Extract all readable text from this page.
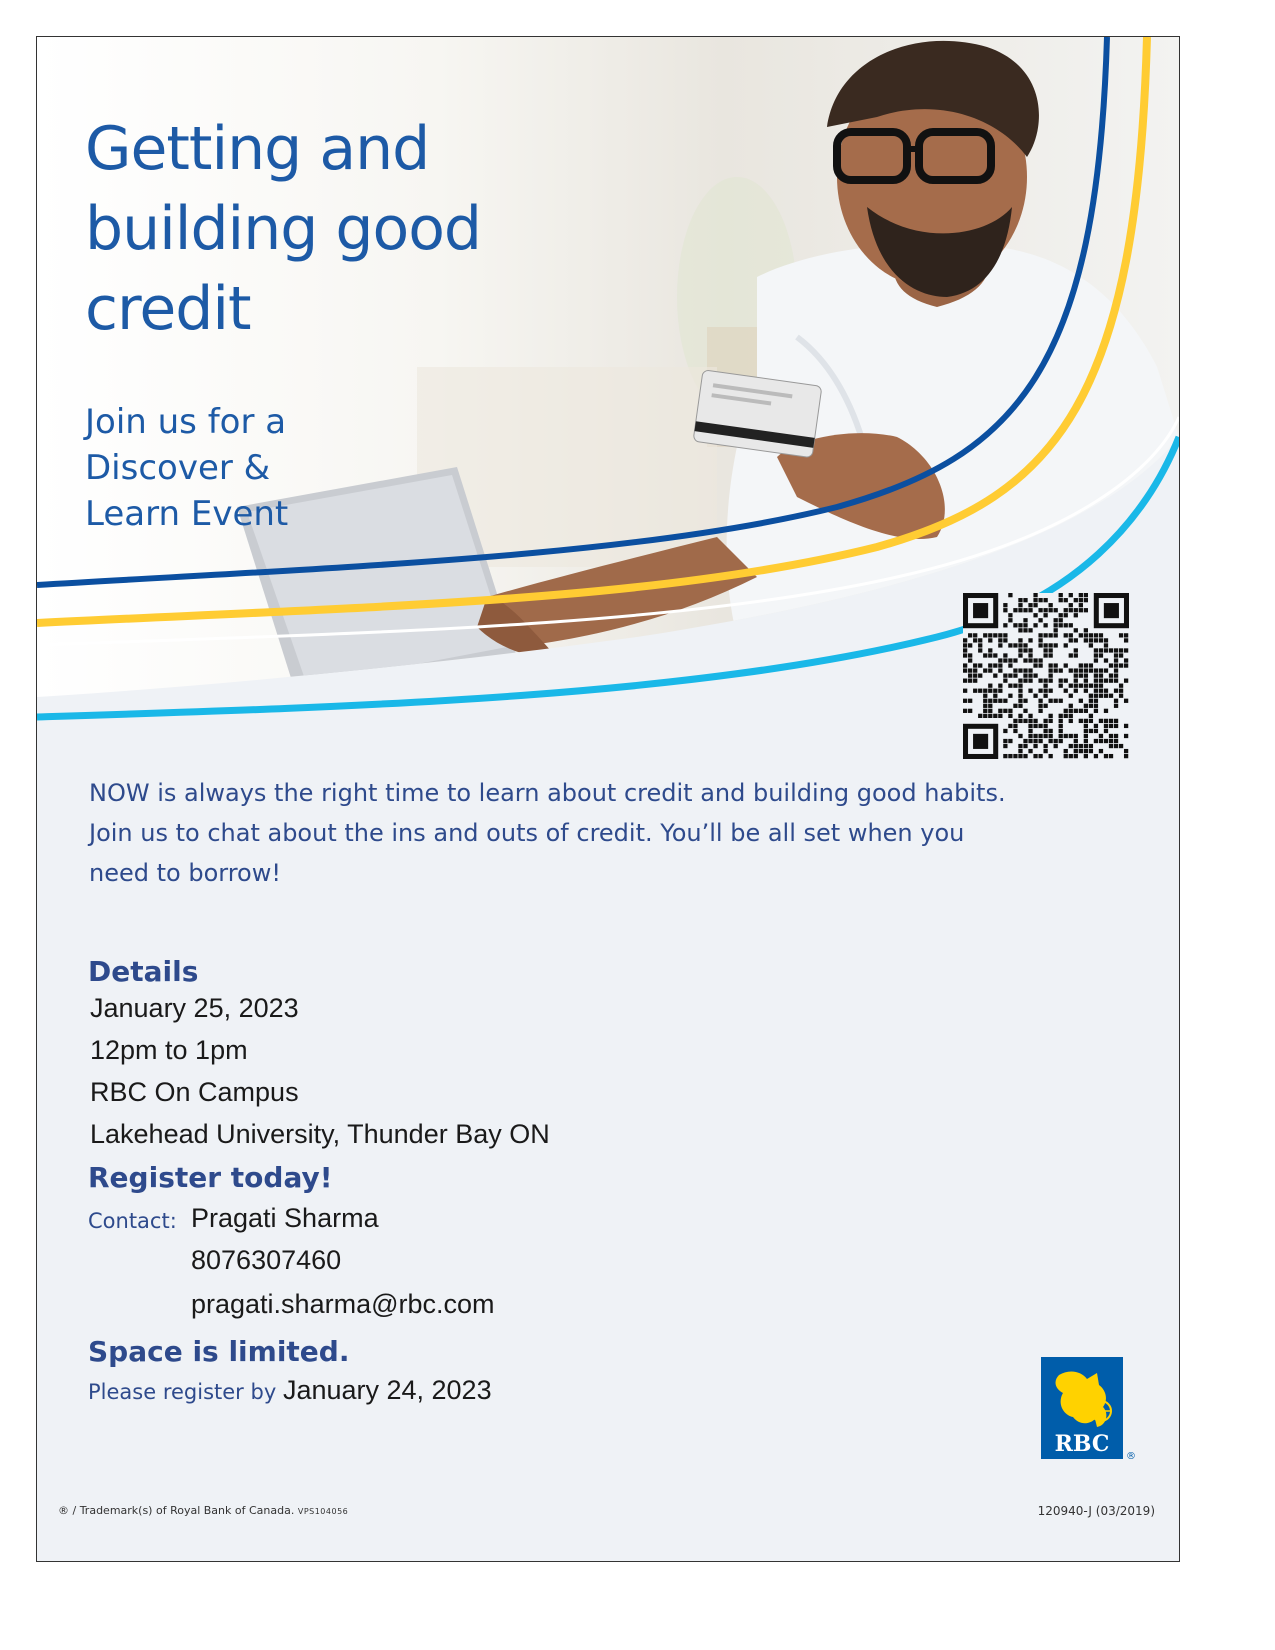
Getting and
building good
credit
Join us for a
Discover &
Learn Event

NOW is always the right time to learn about credit and building good habits. Join us to chat about the ins and outs of credit. You’ll be all set when you need to borrow!

Details
January 25, 2023
12pm to 1pm
RBC On Campus
Lakehead University, Thunder Bay ON
Register today!
Contact: Pragati Sharma
8076307460
pragati.sharma@rbc.com
Space is limited.
Please register by January 24, 2023
RBC ®
® / Trademark(s) of Royal Bank of Canada. VPS104056	120940-J (03/2019)
